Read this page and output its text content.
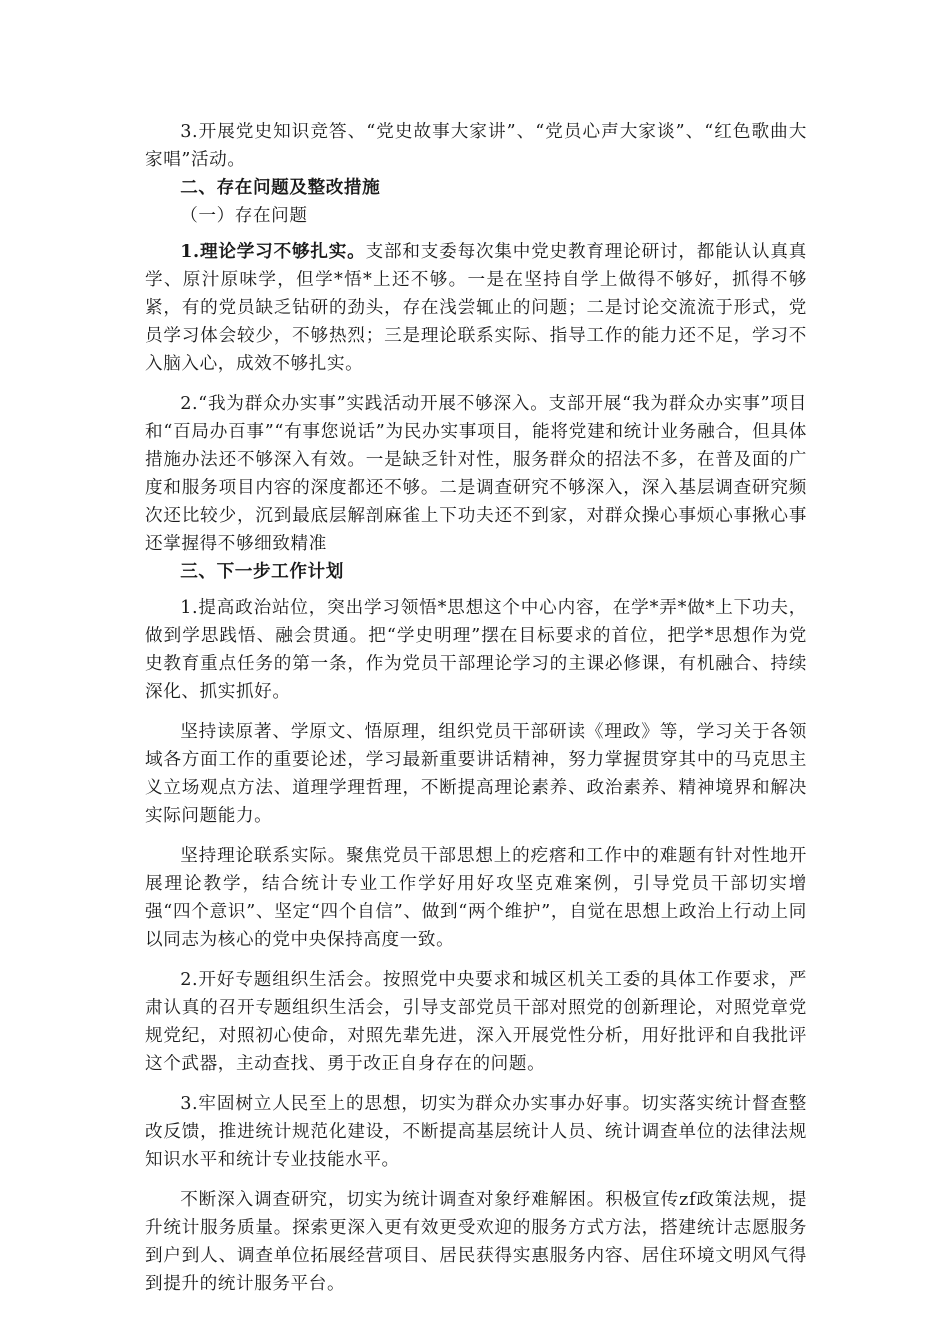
3.开展党史知识竞答、“党史故事大家讲”、“党员心声大家谈”、“红色歌曲大家唱”活动。

二、存在问题及整改措施

（一）存在问题

1.理论学习不够扎实。支部和支委每次集中党史教育理论研讨，都能认认真真学、原汁原味学，但学*悟*上还不够。一是在坚持自学上做得不够好，抓得不够紧，有的党员缺乏钻研的劲头，存在浅尝辄止的问题；二是讨论交流流于形式，党员学习体会较少，不够热烈；三是理论联系实际、指导工作的能力还不足，学习不入脑入心，成效不够扎实。

2.“我为群众办实事”实践活动开展不够深入。支部开展“我为群众办实事”项目和“百局办百事”“有事您说话”为民办实事项目，能将党建和统计业务融合，但具体措施办法还不够深入有效。一是缺乏针对性，服务群众的招法不多，在普及面的广度和服务项目内容的深度都还不够。二是调查研究不够深入，深入基层调查研究频次还比较少，沉到最底层解剖麻雀上下功夫还不到家，对群众操心事烦心事揪心事还掌握得不够细致精准

三、下一步工作计划

1.提高政治站位，突出学习领悟*思想这个中心内容，在学*弄*做*上下功夫，做到学思践悟、融会贯通。把“学史明理”摆在目标要求的首位，把学*思想作为党史教育重点任务的第一条，作为党员干部理论学习的主课必修课，有机融合、持续深化、抓实抓好。

坚持读原著、学原文、悟原理，组织党员干部研读《理政》等，学习关于各领域各方面工作的重要论述，学习最新重要讲话精神，努力掌握贯穿其中的马克思主义立场观点方法、道理学理哲理，不断提高理论素养、政治素养、精神境界和解决实际问题能力。

坚持理论联系实际。聚焦党员干部思想上的疙瘩和工作中的难题有针对性地开展理论教学，结合统计专业工作学好用好攻坚克难案例，引导党员干部切实增强“四个意识”、坚定“四个自信”、做到“两个维护”，自觉在思想上政治上行动上同以同志为核心的党中央保持高度一致。

2.开好专题组织生活会。按照党中央要求和城区机关工委的具体工作要求，严肃认真的召开专题组织生活会，引导支部党员干部对照党的创新理论，对照党章党规党纪，对照初心使命，对照先辈先进，深入开展党性分析，用好批评和自我批评这个武器，主动查找、勇于改正自身存在的问题。

3.牢固树立人民至上的思想，切实为群众办实事办好事。切实落实统计督查整改反馈，推进统计规范化建设，不断提高基层统计人员、统计调查单位的法律法规知识水平和统计专业技能水平。

不断深入调查研究，切实为统计调查对象纾难解困。积极宣传zf政策法规，提升统计服务质量。探索更深入更有效更受欢迎的服务方式方法，搭建统计志愿服务到户到人、调查单位拓展经营项目、居民获得实惠服务内容、居住环境文明风气得到提升的统计服务平台。
